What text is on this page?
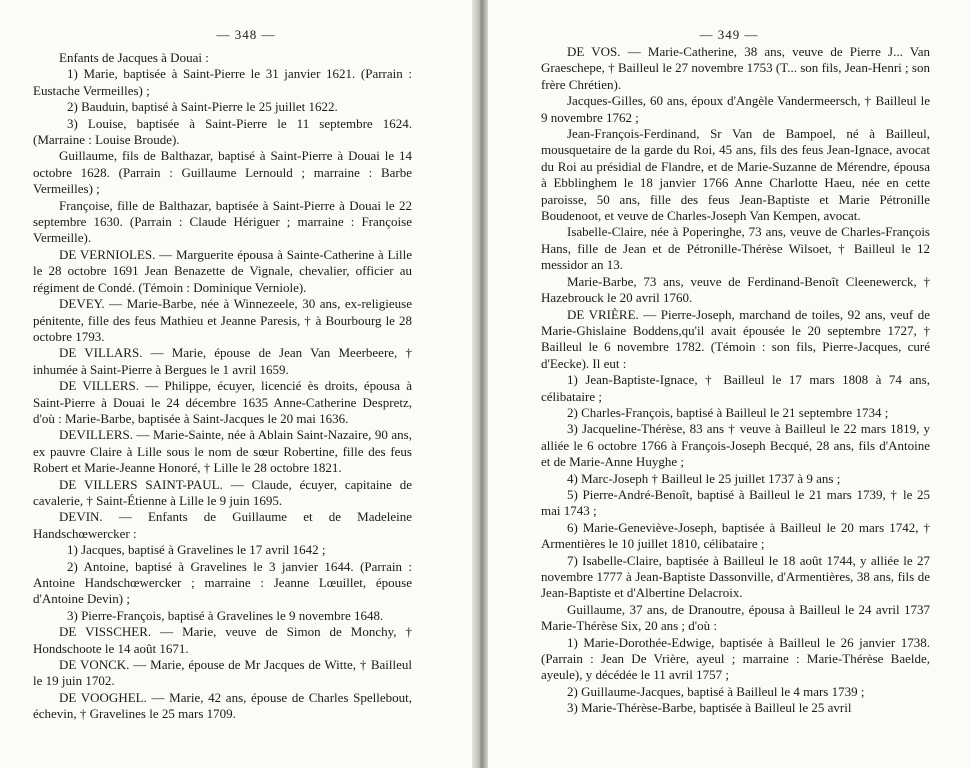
— 348 —

Enfants de Jacques à Douai :

1) Marie, baptisée à Saint-Pierre le 31 janvier 1621. (Parrain : Eustache Vermeilles) ;

2) Bauduin, baptisé à Saint-Pierre le 25 juillet 1622.

3) Louise, baptisée à Saint-Pierre le 11 septembre 1624. (Marraine : Louise Broude).

Guillaume, fils de Balthazar, baptisé à Saint-Pierre à Douai le 14 octobre 1628. (Parrain : Guillaume Lernould ; marraine : Barbe Vermeilles) ;

Françoise, fille de Balthazar, baptisée à Saint-Pierre à Douai le 22 septembre 1630. (Parrain : Claude Hériguer ; marraine : Françoise Vermeille).

DE VERNIOLES. — Marguerite épousa à Sainte-Catherine à Lille le 28 octobre 1691 Jean Benazette de Vignale, chevalier, officier au régiment de Condé. (Témoin : Dominique Verniole).

DEVEY. — Marie-Barbe, née à Winnezeele, 30 ans, ex-religieuse pénitente, fille des feus Mathieu et Jeanne Paresis, † à Bourbourg le 28 octobre 1793.

DE VILLARS. — Marie, épouse de Jean Van Meerbeere, † inhumée à Saint-Pierre à Bergues le 1 avril 1659.

DE VILLERS. — Philippe, écuyer, licencié ès droits, épousa à Saint-Pierre à Douai le 24 décembre 1635 Anne-Catherine Despretz, d'où : Marie-Barbe, baptisée à Saint-Jacques le 20 mai 1636.

DEVILLERS. — Marie-Sainte, née à Ablain Saint-Nazaire, 90 ans, ex pauvre Claire à Lille sous le nom de sœur Robertine, fille des feus Robert et Marie-Jeanne Honoré, † Lille le 28 octobre 1821.

DE VILLERS SAINT-PAUL. — Claude, écuyer, capitaine de cavalerie, † Saint-Étienne à Lille le 9 juin 1695.

DEVIN. — Enfants de Guillaume et de Madeleine Handschœwercker :

1) Jacques, baptisé à Gravelines le 17 avril 1642 ;

2) Antoine, baptisé à Gravelines le 3 janvier 1644. (Parrain : Antoine Handschœwercker ; marraine : Jeanne Lœuillet, épouse d'Antoine Devin) ;

3) Pierre-François, baptisé à Gravelines le 9 novembre 1648.

DE VISSCHER. — Marie, veuve de Simon de Monchy, † Hondschoote le 14 août 1671.

DE VONCK. — Marie, épouse de Mr Jacques de Witte, † Bailleul le 19 juin 1702.

DE VOOGHEL. — Marie, 42 ans, épouse de Charles Spellebout, échevin, † Gravelines le 25 mars 1709.

— 349 —

DE VOS. — Marie-Catherine, 38 ans, veuve de Pierre J... Van Graeschepe, † Bailleul le 27 novembre 1753 (T... son fils, Jean-Henri ; son frère Chrétien).

Jacques-Gilles, 60 ans, époux d'Angèle Vandermeersch, † Bailleul le 9 novembre 1762 ;

Jean-François-Ferdinand, Sr Van de Bampoel, né à Bailleul, mousquetaire de la garde du Roi, 45 ans, fils des feus Jean-Ignace, avocat du Roi au présidial de Flandre, et de Marie-Suzanne de Mérendre, épousa à Ebblinghem le 18 janvier 1766 Anne Charlotte Haeu, née en cette paroisse, 50 ans, fille des feus Jean-Baptiste et Marie Pétronille Boudenoot, et veuve de Charles-Joseph Van Kempen, avocat.

Isabelle-Claire, née à Poperinghe, 73 ans, veuve de Charles-François Hans, fille de Jean et de Pétronille-Thérèse Wilsoet, † Bailleul le 12 messidor an 13.

Marie-Barbe, 73 ans, veuve de Ferdinand-Benoît Cleenewerck, † Hazebrouck le 20 avril 1760.

DE VRIÈRE. — Pierre-Joseph, marchand de toiles, 92 ans, veuf de Marie-Ghislaine Boddens,qu'il avait épousée le 20 septembre 1727, † Bailleul le 6 novembre 1782. (Témoin : son fils, Pierre-Jacques, curé d'Eecke). Il eut :

1) Jean-Baptiste-Ignace, † Bailleul le 17 mars 1808 à 74 ans, célibataire ;

2) Charles-François, baptisé à Bailleul le 21 septembre 1734 ;

3) Jacqueline-Thérèse, 83 ans † veuve à Bailleul le 22 mars 1819, y alliée le 6 octobre 1766 à François-Joseph Becqué, 28 ans, fils d'Antoine et de Marie-Anne Huyghe ;

4) Marc-Joseph † Bailleul le 25 juillet 1737 à 9 ans ;

5) Pierre-André-Benoît, baptisé à Bailleul le 21 mars 1739, † le 25 mai 1743 ;

6) Marie-Geneviève-Joseph, baptisée à Bailleul le 20 mars 1742, † Armentières le 10 juillet 1810, célibataire ;

7) Isabelle-Claire, baptisée à Bailleul le 18 août 1744, y alliée le 27 novembre 1777 à Jean-Baptiste Dassonville, d'Armentières, 38 ans, fils de Jean-Baptiste et d'Albertine Delacroix.

Guillaume, 37 ans, de Dranoutre, épousa à Bailleul le 24 avril 1737 Marie-Thérèse Six, 20 ans ; d'où :

1) Marie-Dorothée-Edwige, baptisée à Bailleul le 26 janvier 1738. (Parrain : Jean De Vrière, ayeul ; marraine : Marie-Thérèse Baelde, ayeule), y décédée le 11 avril 1757 ;

2) Guillaume-Jacques, baptisé à Bailleul le 4 mars 1739 ;

3) Marie-Thérèse-Barbe, baptisée à Bailleul le 25 avril
